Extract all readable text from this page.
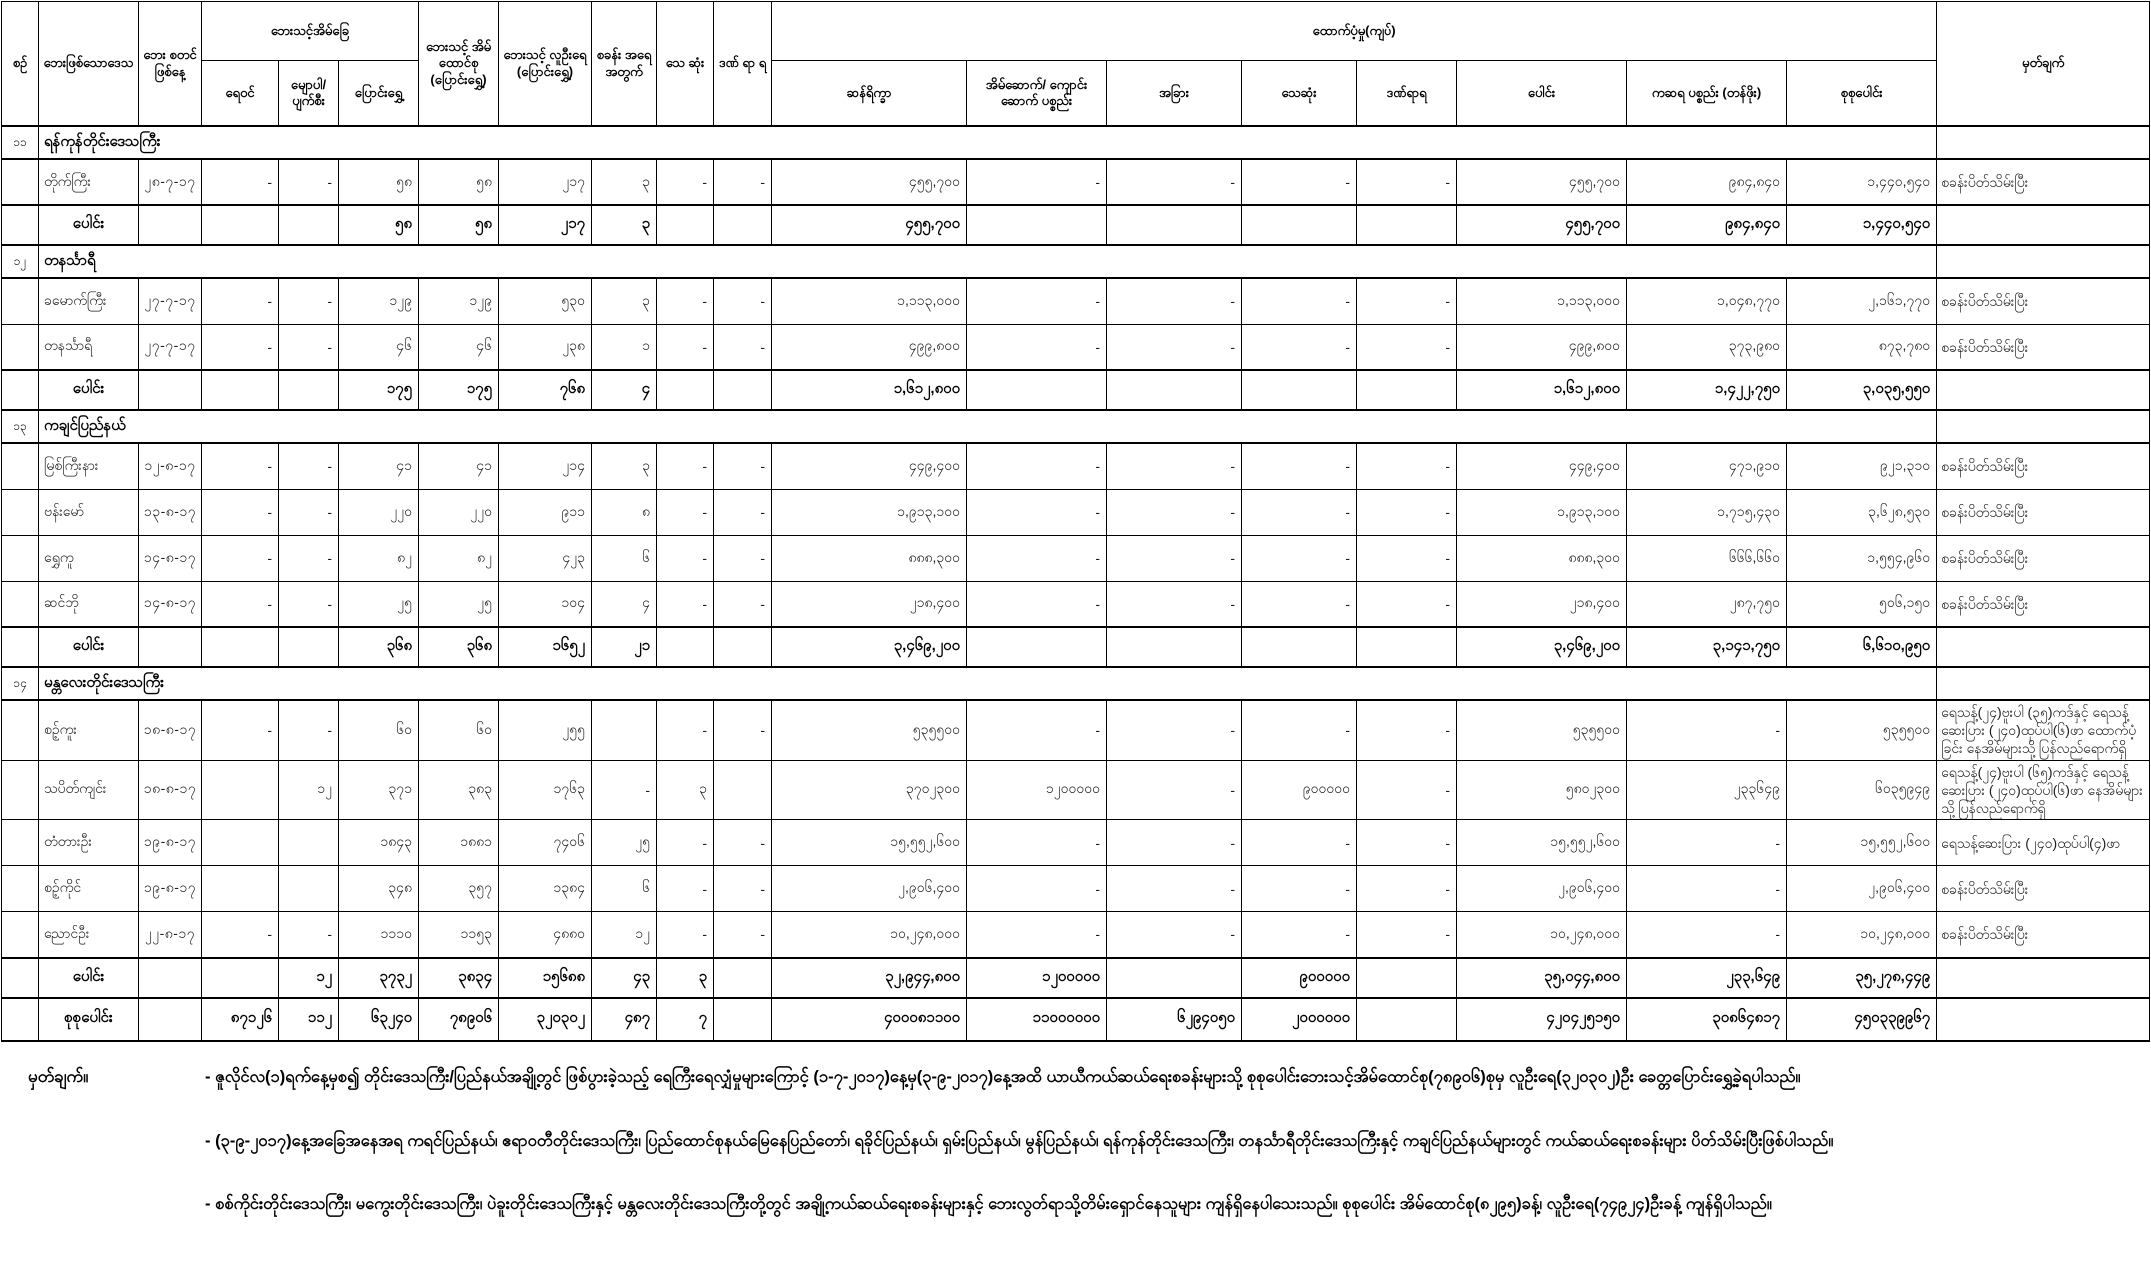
စဉ်	ဘေးဖြစ်သောဒေသ	ဘေး စတင် ဖြစ်နေ့	ဘေးသင့်အိမ်ခြေ			ဘေးသင့် အိမ် ထောင်စု (ပြောင်းရွှေ့)	ဘေးသင့် လူဦးရေ (ပြောင်းရွှေ့)	စခန်း အရေ အတွက်	သေ ဆုံး	ဒဏ် ရာ ရ	ထောက်ပံ့မှု(ကျပ်)								မှတ်ချက်
			ရေဝင်	မျောပါ/ ပျက်စီး	ပြောင်းရွှေ့						ဆန်ရိက္ခာ	အိမ်ဆောက်/ ကျောင်းဆောက် ပစ္စည်း	အခြား	သေဆုံး	ဒဏ်ရာရ	ပေါင်း	ကဆရ ပစ္စည်း (တန်ဖိုး)	စုစုပေါင်း	
၁၁	ရန်ကုန်တိုင်းဒေသကြီး																		
	တိုက်ကြီး	၂၈-၇-၁၇	-	-	၅၈	၅၈	၂၁၇	၃	-	-	၄၅၅,၇၀၀	-	-	-	-	၄၅၅,၇၀၀	၉၈၄,၈၄၀	၁,၄၄၀,၅၄၀	စခန်းပိတ်သိမ်းပြီး
	ပေါင်း				၅၈	၅၈	၂၁၇	၃			၄၅၅,၇၀၀					၄၅၅,၇၀၀	၉၈၄,၈၄၀	၁,၄၄၀,၅၄၀	
၁၂	တနင်္သာရီ																		
	ခမောက်ကြီး	၂၇-၇-၁၇	-	-	၁၂၉	၁၂၉	၅၃၀	၃	-	-	၁,၁၁၃,၀၀၀	-	-	-	-	၁,၁၁၃,၀၀၀	၁,၀၄၈,၇၇၀	၂,၁၆၁,၇၇၀	စခန်းပိတ်သိမ်းပြီး
	တနင်္သာရီ	၂၇-၇-၁၇	-	-	၄၆	၄၆	၂၃၈	၁	-	-	၄၉၉,၈၀၀	-	-	-	-	၄၉၉,၈၀၀	၃၇၃,၉၈၀	၈၇၃,၇၈၀	စခန်းပိတ်သိမ်းပြီး
	ပေါင်း				၁၇၅	၁၇၅	၇၆၈	၄			၁,၆၁၂,၈၀၀					၁,၆၁၂,၈၀၀	၁,၄၂၂,၇၅၀	၃,၀၃၅,၅၅၀	
၁၃	ကချင်ပြည်နယ်																		
	မြစ်ကြီးနား	၁၂-၈-၁၇	-	-	၄၁	၄၁	၂၁၄	၃	-	-	၄၄၉,၄၀၀	-	-	-	-	၄၄၉,၄၀၀	၄၇၁,၉၁၀	၉၂၁,၃၁၀	စခန်းပိတ်သိမ်းပြီး
	ဗန်းမော်	၁၃-၈-၁၇	-	-	၂၂၀	၂၂၀	၉၁၁	၈	-	-	၁,၉၁၃,၁၀၀	-	-	-	-	၁,၉၁၃,၁၀၀	၁,၇၁၅,၄၃၀	၃,၆၂၈,၅၃၀	စခန်းပိတ်သိမ်းပြီး
	ရွှေကူ	၁၄-၈-၁၇	-	-	၈၂	၈၂	၄၂၃	၆	-	-	၈၈၈,၃၀၀	-	-	-	-	၈၈၈,၃၀၀	၆၆၆,၆၆၀	၁,၅၅၄,၉၆၀	စခန်းပိတ်သိမ်းပြီး
	ဆင်ဘို	၁၄-၈-၁၇	-	-	၂၅	၂၅	၁၀၄	၄	-	-	၂၁၈,၄၀၀	-	-	-	-	၂၁၈,၄၀၀	၂၈၇,၇၅၀	၅၀၆,၁၅၀	စခန်းပိတ်သိမ်းပြီး
	ပေါင်း				၃၆၈	၃၆၈	၁၆၅၂	၂၁			၃,၄၆၉,၂၀၀					၃,၄၆၉,၂၀၀	၃,၁၄၁,၇၅၀	၆,၆၁၀,၉၅၀	
၁၄	မန္တလေးတိုင်းဒေသကြီး																		
	စဉ့်ကူး	၁၈-၈-၁၇	-	-	၆၀	၆၀	၂၅၅		-	-	၅၃၅၅၀၀	-	-	-	-	၅၃၅၅၀၀	-	၅၃၅၅၀၀	ရေသန့်(၂၄)ဗူးပါ (၃၅)ကဒ်နှင့် ရေသန့်ဆေးပြား (၂၄၀)ထုပ်ပါ(၆)ဖာ ထောက်ပံ့ခြင်း နေအိမ်များသို့ပြန်လည်ရောက်ရှိ
	သပိတ်ကျင်း	၁၈-၈-၁၇		၁၂	၃၇၁	၃၈၃	၁၇၆၃	-	၃		၃၇၀၂၃၀၀	၁၂၀၀၀၀၀	-	၉၀၀၀၀၀	-	၅၈၀၂၃၀၀	၂၃၃၆၄၉	၆၀၃၅၉၄၉	ရေသန့်(၂၄)ဗူးပါ (၆၅)ကဒ်နှင့် ရေသန့်ဆေးပြား (၂၄၀)ထုပ်ပါ(၆)ဖာ နေအိမ်များသို့ပြန်လည်ရောက်ရှိ
	တံတားဦး	၁၉-၈-၁၇			၁၈၄၃	၁၈၈၁	၇၄၀၆	၂၅	-	-	၁၅,၅၅၂,၆၀၀	-	-	-	-	၁၅,၅၅၂,၆၀၀	-	၁၅,၅၅၂,၆၀၀	ရေသန့်ဆေးပြား (၂၄၀)ထုပ်ပါ(၄)ဖာ
	စဉ့်ကိုင်	၁၉-၈-၁၇			၃၄၈	၃၅၇	၁၃၈၄	၆	-	-	၂,၉၀၆,၄၀၀	-	-	-	-	၂,၉၀၆,၄၀၀	-	၂,၉၀၆,၄၀၀	စခန်းပိတ်သိမ်းပြီး
	ညောင်ဦး	၂၂-၈-၁၇	-	-	၁၁၁၀	၁၁၅၃	၄၈၈၀	၁၂	-	-	၁၀,၂၄၈,၀၀၀	-	-	-	-	၁၀,၂၄၈,၀၀၀	-	၁၀,၂၄၈,၀၀၀	စခန်းပိတ်သိမ်းပြီး
	ပေါင်း			၁၂	၃၇၃၂	၃၈၃၄	၁၅၆၈၈	၄၃	၃		၃၂,၉၄၄,၈၀၀	၁၂၀၀၀၀၀		၉၀၀၀၀၀		၃၅,၀၄၄,၈၀၀	၂၃၃,၆၄၉	၃၅,၂၇၈,၄၄၉	
	စုစုပေါင်း		၈၇၁၂၆	၁၁၂	၆၃၂၄၀	၇၈၉၀၆	၃၂၀၃၀၂	၄၈၇	၇		၄၀၀၀၈၁၁၀၀	၁၁၀၀၀၀၀၀	၆၂၉၄၀၅၀	၂၀၀၀၀၀၀		၄၂၀၄၂၅၁၅၀	၃၀၈၆၄၈၁၇	၄၅၀၃၃၉၉၆၇	
မှတ်ချက်။	- ဇူလိုင်လ(၁)ရက်နေ့မှစ၍ တိုင်းဒေသကြီး/ပြည်နယ်အချို့တွင် ဖြစ်ပွားခဲ့သည့် ရေကြီးရေလျှံမှုများကြောင့် (၁-၇-၂၀၁၇)နေ့မှ(၃-၉-၂၀၁၇)နေ့အထိ ယာယီကယ်ဆယ်ရေးစခန်းများသို့ စုစုပေါင်းဘေးသင့်အိမ်ထောင်စု(၇၈၉၀၆)စုမှ လူဦးရေ(၃၂၀၃၀၂)ဦး ခေတ္တပြောင်းရွှေ့ခဲ့ရပါသည်။
- (၃-၉-၂၀၁၇)နေ့အခြေအနေအရ ကရင်ပြည်နယ်၊ ဧရာဝတီတိုင်းဒေသကြီး၊ ပြည်ထောင်စုနယ်မြေနေပြည်တော်၊ ရခိုင်ပြည်နယ်၊ ရှမ်းပြည်နယ်၊ မွန်ပြည်နယ်၊ ရန်ကုန်တိုင်းဒေသကြီး၊ တနင်္သာရီတိုင်းဒေသကြီးနှင့် ကချင်ပြည်နယ်များတွင် ကယ်ဆယ်ရေးစခန်းများ ပိတ်သိမ်းပြီးဖြစ်ပါသည်။
- စစ်ကိုင်းတိုင်းဒေသကြီး၊ မကွေးတိုင်းဒေသကြီး၊ ပဲခူးတိုင်းဒေသကြီးနှင့် မန္တလေးတိုင်းဒေသကြီးတို့တွင် အချို့ကယ်ဆယ်ရေးစခန်းများနှင့် ဘေးလွတ်ရာသို့တိမ်းရှောင်နေသူများ ကျန်ရှိနေပါသေးသည်။ စုစုပေါင်း အိမ်ထောင်စု(၈၂၉၅)ခန့်၊ လူဦးရေ(၇၄၉၂၄)ဦးခန့် ကျန်ရှိပါသည်။
